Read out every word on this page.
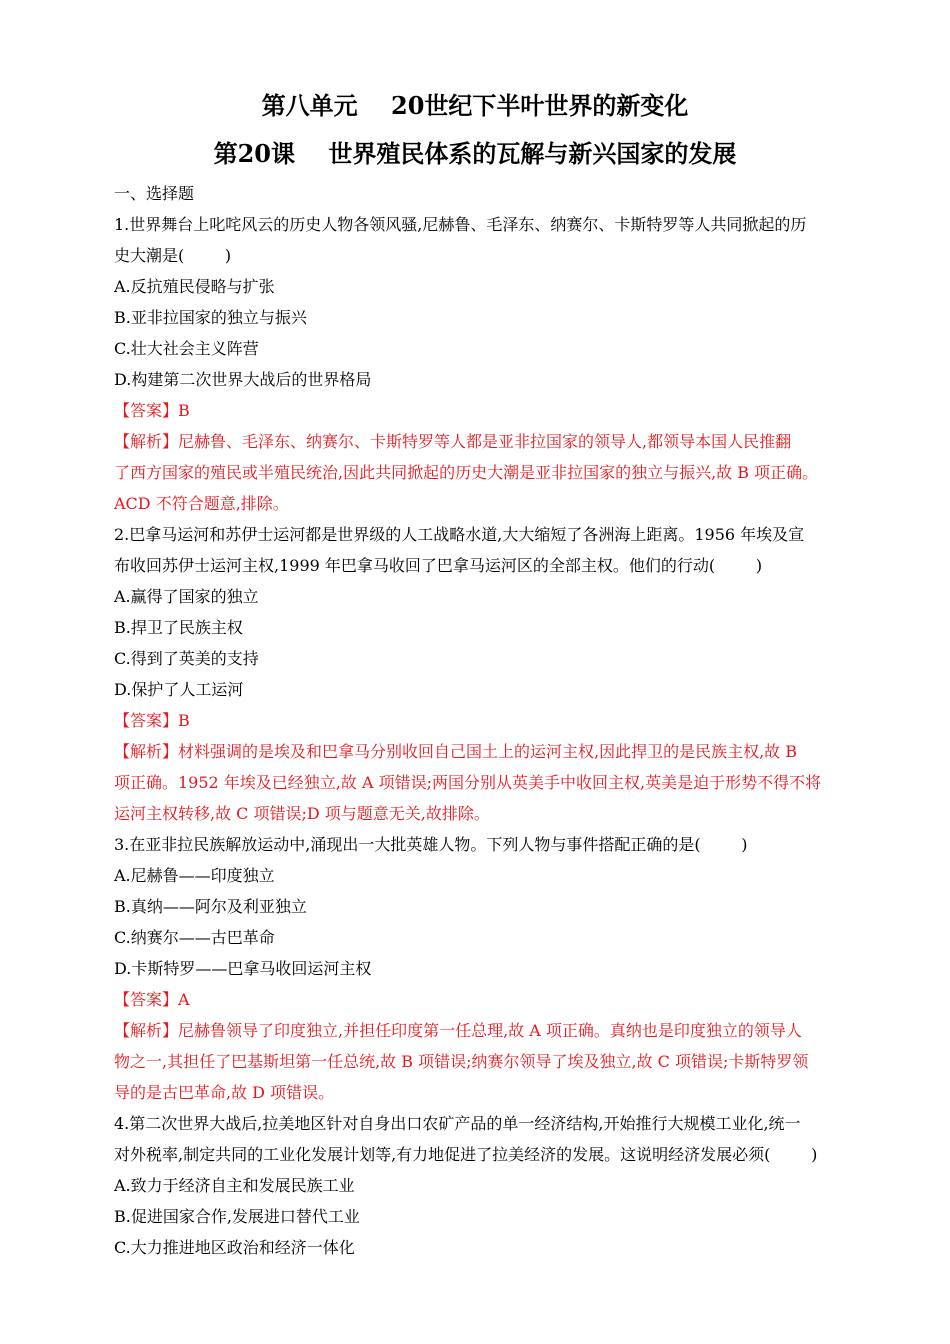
第八单元    20世纪下半叶世界的新变化
第20课    世界殖民体系的瓦解与新兴国家的发展
一、选择题
1.世界舞台上叱咤风云的历史人物各领风骚,尼赫鲁、毛泽东、纳赛尔、卡斯特罗等人共同掀起的历
史大潮是(        )
A.反抗殖民侵略与扩张
B.亚非拉国家的独立与振兴
C.壮大社会主义阵营
D.构建第二次世界大战后的世界格局
【答案】B
【解析】尼赫鲁、毛泽东、纳赛尔、卡斯特罗等人都是亚非拉国家的领导人,都领导本国人民推翻
了西方国家的殖民或半殖民统治,因此共同掀起的历史大潮是亚非拉国家的独立与振兴,故 B 项正确。
ACD 不符合题意,排除。
2.巴拿马运河和苏伊士运河都是世界级的人工战略水道,大大缩短了各洲海上距离。1956 年埃及宣
布收回苏伊士运河主权,1999 年巴拿马收回了巴拿马运河区的全部主权。他们的行动(        )
A.赢得了国家的独立
B.捍卫了民族主权
C.得到了英美的支持
D.保护了人工运河
【答案】B
【解析】材料强调的是埃及和巴拿马分别收回自己国土上的运河主权,因此捍卫的是民族主权,故 B
项正确。1952 年埃及已经独立,故 A 项错误;两国分别从英美手中收回主权,英美是迫于形势不得不将
运河主权转移,故 C 项错误;D 项与题意无关,故排除。
3.在亚非拉民族解放运动中,涌现出一大批英雄人物。下列人物与事件搭配正确的是(        )
A.尼赫鲁——印度独立
B.真纳——阿尔及利亚独立
C.纳赛尔——古巴革命
D.卡斯特罗——巴拿马收回运河主权
【答案】A
【解析】尼赫鲁领导了印度独立,并担任印度第一任总理,故 A 项正确。真纳也是印度独立的领导人
物之一,其担任了巴基斯坦第一任总统,故 B 项错误;纳赛尔领导了埃及独立,故 C 项错误;卡斯特罗领
导的是古巴革命,故 D 项错误。
4.第二次世界大战后,拉美地区针对自身出口农矿产品的单一经济结构,开始推行大规模工业化,统一
对外税率,制定共同的工业化发展计划等,有力地促进了拉美经济的发展。这说明经济发展必须(        )
A.致力于经济自主和发展民族工业
B.促进国家合作,发展进口替代工业
C.大力推进地区政治和经济一体化
